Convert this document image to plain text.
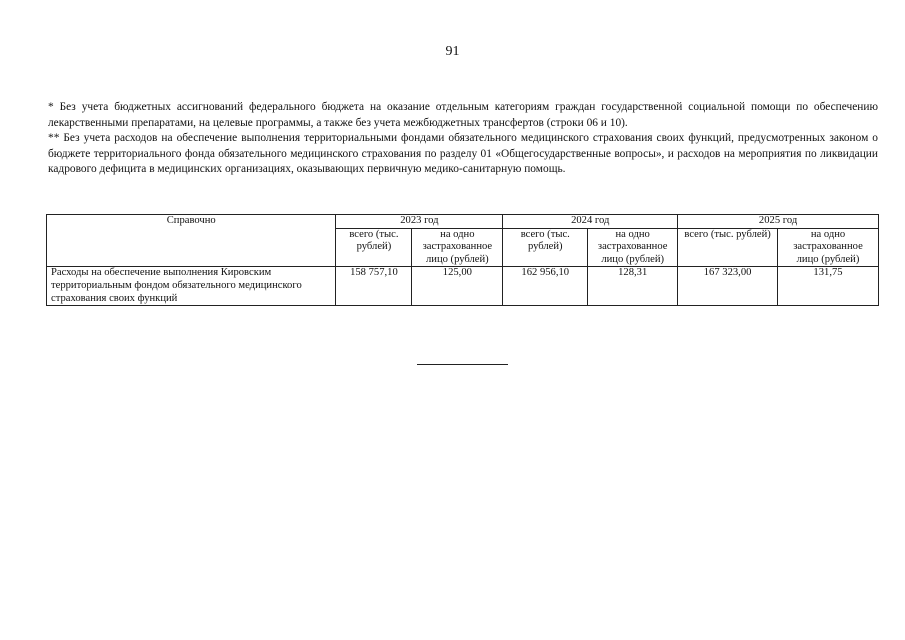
91

* Без учета бюджетных ассигнований федерального бюджета на оказание отдельным категориям граждан государственной социальной помощи по обеспечению лекарственными препаратами, на целевые программы, а также без учета межбюджетных трансфертов (строки 06 и 10).

** Без учета расходов на обеспечение выполнения территориальными фондами обязательного медицинского страхования своих функций, предусмотренных законом о бюджете территориального фонда обязательного медицинского страхования по разделу 01 «Общегосударственные вопросы», и расходов на мероприятия по ликвидации кадрового дефицита в медицинских организациях, оказывающих первичную медико-санитарную помощь.

Справочно	2023 год		2024 год		2025 год	
	всего (тыс. рублей)	на одно застрахованное лицо (рублей)	всего (тыс. рублей)	на одно застрахованное лицо (рублей)	всего (тыс. рублей)	на одно застрахованное лицо (рублей)
Расходы на обеспечение выполнения Кировским территориальным фондом обязательного медицинского страхования своих функций	158 757,10	125,00	162 956,10	128,31	167 323,00	131,75
